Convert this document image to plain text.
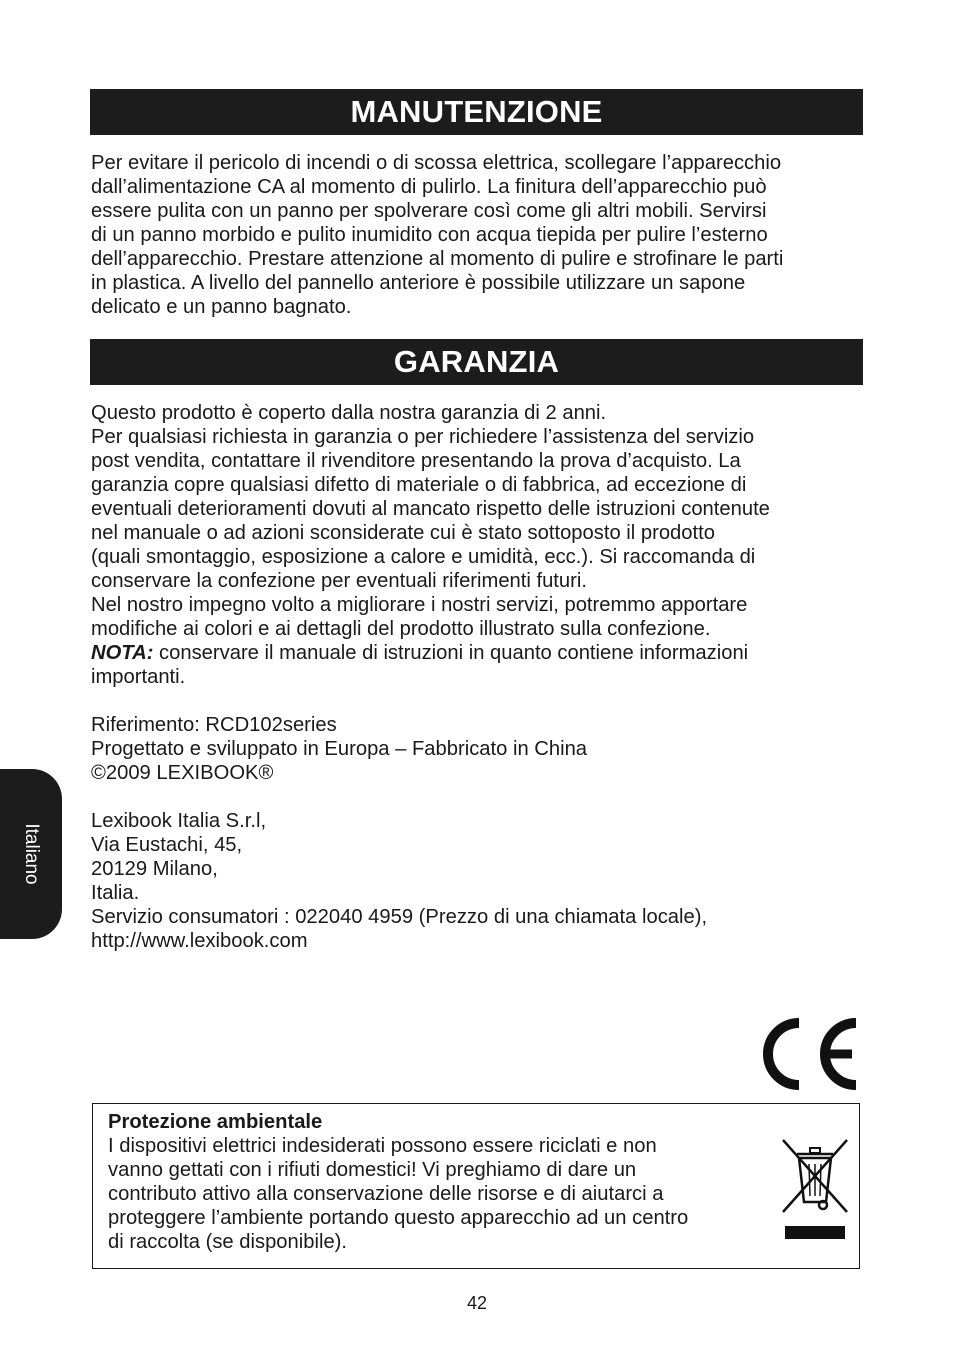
MANUTENZIONE
Per evitare il pericolo di incendi o di scossa elettrica, scollegare l’apparecchio
dall’alimentazione CA al momento di pulirlo. La finitura dell’apparecchio può
essere pulita con un panno per spolverare così come gli altri mobili. Servirsi
di un panno morbido e pulito inumidito con acqua tiepida per pulire l’esterno
dell’apparecchio. Prestare attenzione al momento di pulire e strofinare le parti
in plastica. A livello del pannello anteriore è possibile utilizzare un sapone
delicato e un panno bagnato.
GARANZIA
Questo prodotto è coperto dalla nostra garanzia di 2 anni.
Per qualsiasi richiesta in garanzia o per richiedere l’assistenza del servizio
post vendita, contattare il rivenditore presentando la prova d’acquisto. La
garanzia copre qualsiasi difetto di materiale o di fabbrica, ad eccezione di
eventuali deterioramenti dovuti al mancato rispetto delle istruzioni contenute
nel manuale o ad azioni sconsiderate cui è stato sottoposto il prodotto
(quali smontaggio, esposizione a calore e umidità, ecc.). Si raccomanda di
conservare la confezione per eventuali riferimenti futuri.
Nel nostro impegno volto a migliorare i nostri servizi, potremmo apportare
modifiche ai colori e ai dettagli del prodotto illustrato sulla confezione.
NOTA: conservare il manuale di istruzioni in quanto contiene informazioni
importanti.
Riferimento: RCD102series
Progettato e sviluppato in Europa – Fabbricato in China
©2009 LEXIBOOK®
Lexibook Italia S.r.l,
Via Eustachi, 45,
20129 Milano,
Italia.
Servizio consumatori : 022040 4959 (Prezzo di una chiamata locale),
http://www.lexibook.com
Italiano
Protezione ambientale
I dispositivi elettrici indesiderati possono essere riciclati e non
vanno gettati con i rifiuti domestici! Vi preghiamo di dare un
contributo attivo alla conservazione delle risorse e di aiutarci a
proteggere l’ambiente portando questo apparecchio ad un centro
di raccolta (se disponibile).
42
